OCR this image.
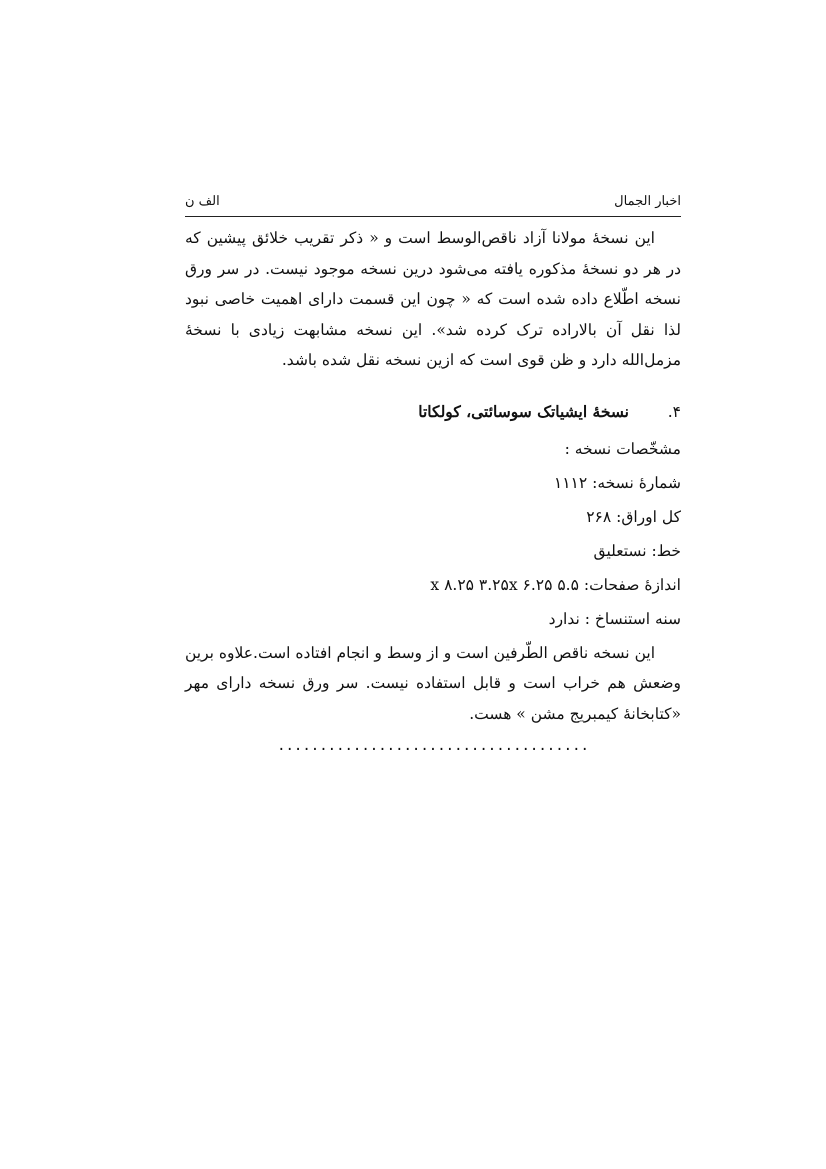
اخبار الجمال
الف ن

این نسخهٔ مولانا آزاد ناقص‌الوسط است و « ذکر تقریب خلائق پیشین که در هر دو نسخهٔ مذکوره یافته می‌شود درین نسخه موجود نیست. در سر ورق نسخه اطّلاع داده شده است که « چون این قسمت دارای اهمیت خاصی نبود لذا نقل آن بالاراده ترک کرده شد». این نسخه مشابهت زیادی با نسخهٔ مزمل‌الله دارد و ظن قوی است که ازین نسخه نقل شده باشد.

۴.
نسخهٔ ایشیاتک سوسائتی، کولکاتا
مشخّصات نسخه :
شمارهٔ نسخه: ۱۱۱۲
کل اوراق: ۲۶۸
خط: نستعلیق
اندازهٔ صفحات: ۵.۵ x ۸.۲۵ ۳.۲۵x ۶.۲۵
سنه استنساخ : ندارد

این نسخه ناقص الطّرفین است و از وسط و انجام افتاده است.علاوه برین وضعش هم خراب است و قابل استفاده نیست. سر ورق نسخه دارای مهر «کتابخانهٔ کیمبریج مشن » هست.

.....................................
